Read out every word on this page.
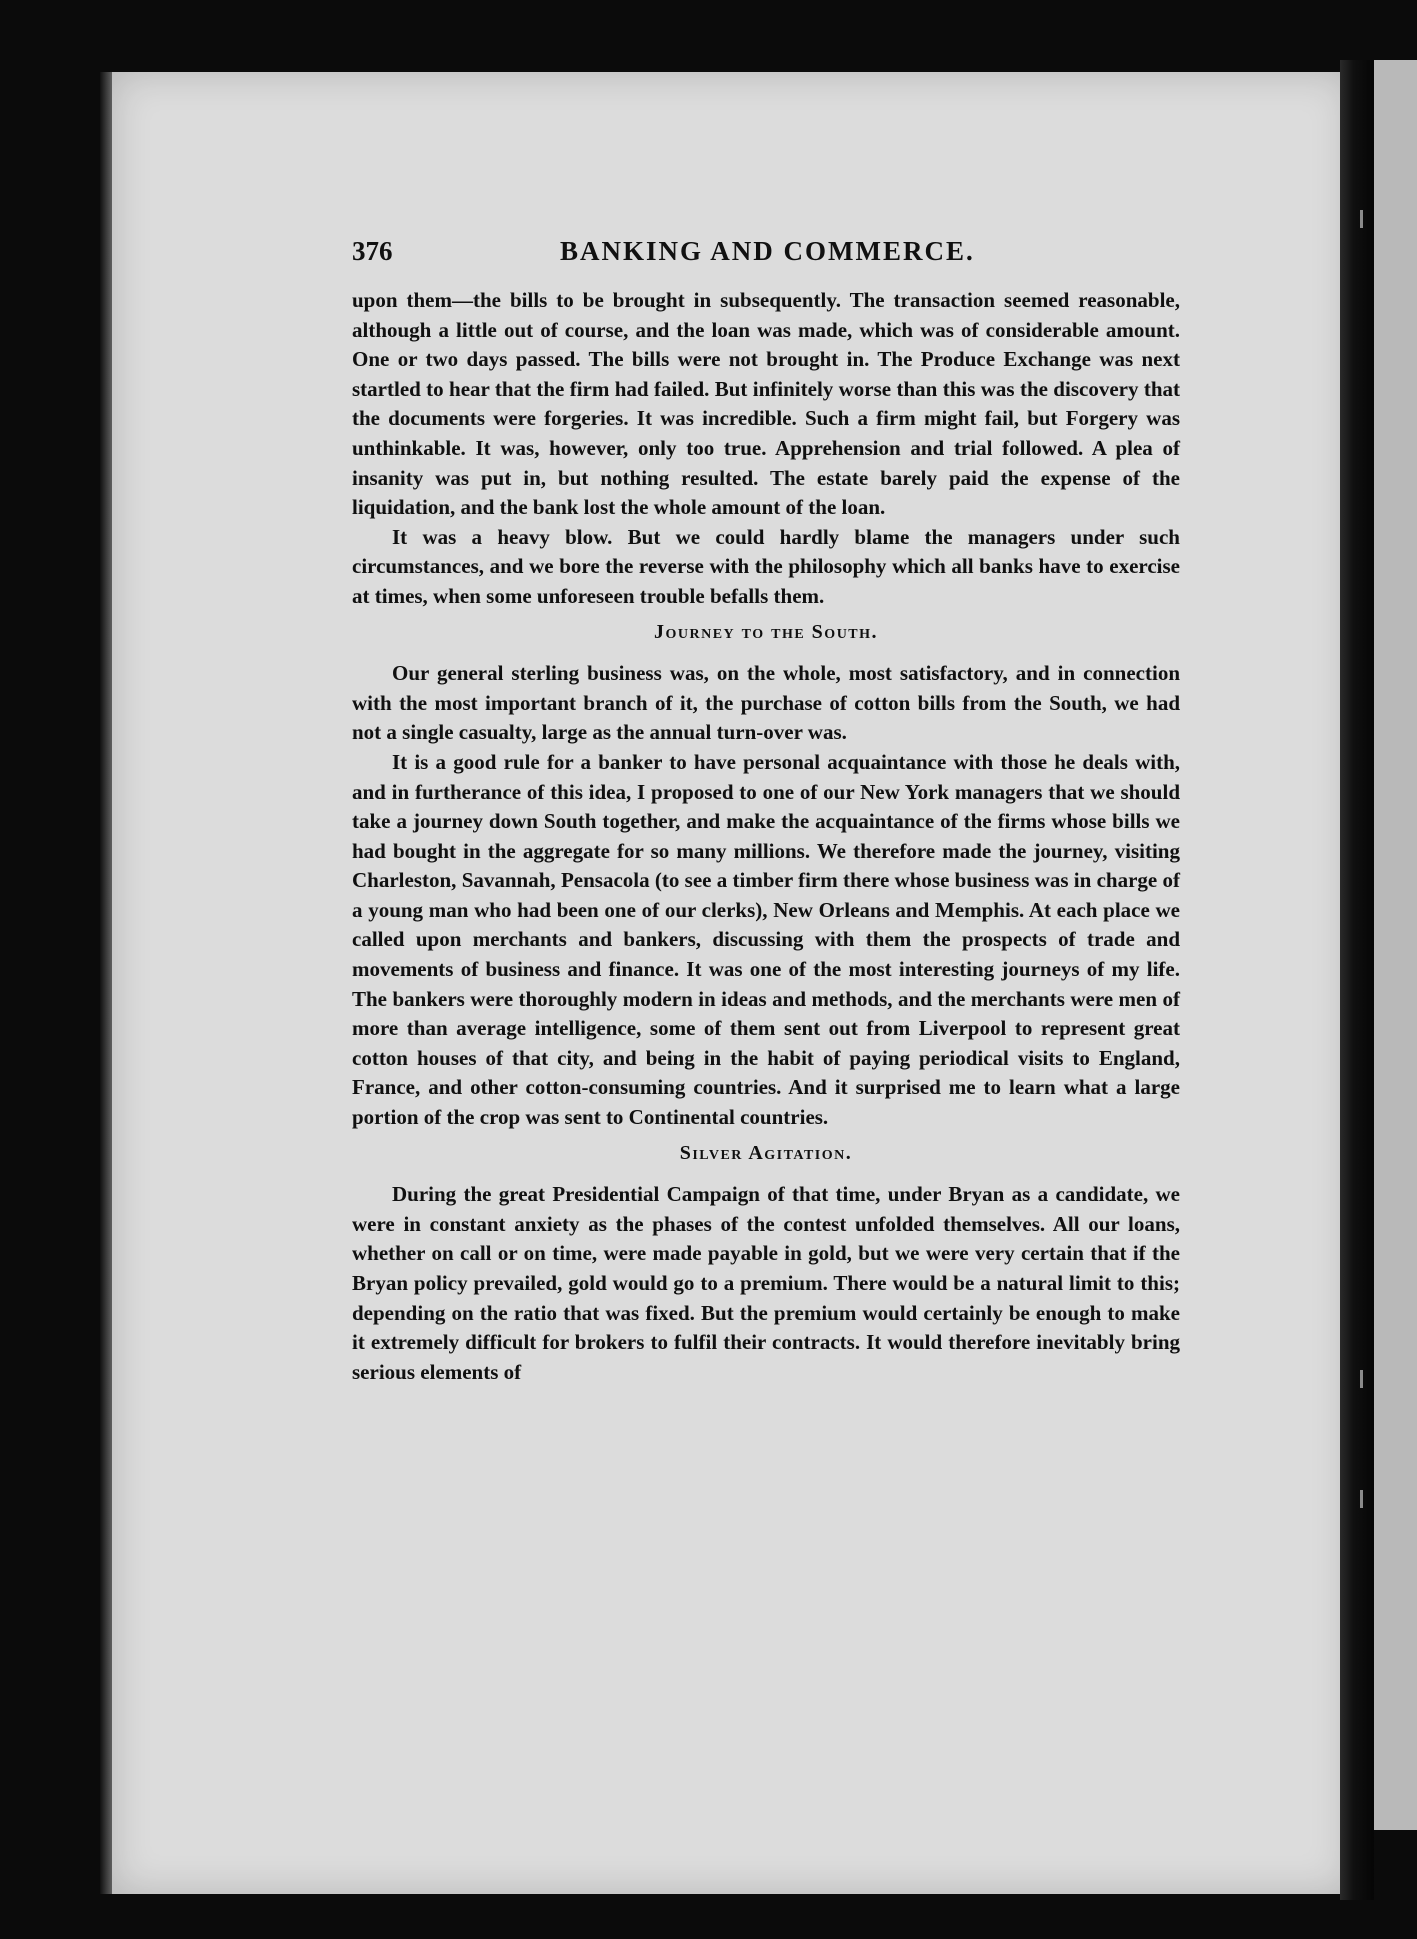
376	BANKING AND COMMERCE.

upon them—the bills to be brought in subsequently. The transaction seemed reasonable, although a little out of course, and the loan was made, which was of considerable amount. One or two days passed. The bills were not brought in. The Produce Exchange was next startled to hear that the firm had failed. But infinitely worse than this was the discovery that the documents were forgeries. It was incredible. Such a firm might fail, but Forgery was unthinkable. It was, however, only too true. Apprehension and trial followed. A plea of insanity was put in, but nothing resulted. The estate barely paid the expense of the liquidation, and the bank lost the whole amount of the loan.

It was a heavy blow. But we could hardly blame the managers under such circumstances, and we bore the reverse with the philosophy which all banks have to exercise at times, when some unforeseen trouble befalls them.

Journey to the South.

Our general sterling business was, on the whole, most satisfactory, and in connection with the most important branch of it, the purchase of cotton bills from the South, we had not a single casualty, large as the annual turn-over was.

It is a good rule for a banker to have personal acquaintance with those he deals with, and in furtherance of this idea, I proposed to one of our New York managers that we should take a journey down South together, and make the acquaintance of the firms whose bills we had bought in the aggregate for so many millions. We therefore made the journey, visiting Charleston, Savannah, Pensacola (to see a timber firm there whose business was in charge of a young man who had been one of our clerks), New Orleans and Memphis. At each place we called upon merchants and bankers, discussing with them the prospects of trade and movements of business and finance. It was one of the most interesting journeys of my life. The bankers were thoroughly modern in ideas and methods, and the merchants were men of more than average intelligence, some of them sent out from Liverpool to represent great cotton houses of that city, and being in the habit of paying periodical visits to England, France, and other cotton-consuming countries. And it surprised me to learn what a large portion of the crop was sent to Continental countries.

Silver Agitation.

During the great Presidential Campaign of that time, under Bryan as a candidate, we were in constant anxiety as the phases of the contest unfolded themselves. All our loans, whether on call or on time, were made payable in gold, but we were very certain that if the Bryan policy prevailed, gold would go to a premium. There would be a natural limit to this; depending on the ratio that was fixed. But the premium would certainly be enough to make it extremely difficult for brokers to fulfil their contracts. It would therefore inevitably bring serious elements of
